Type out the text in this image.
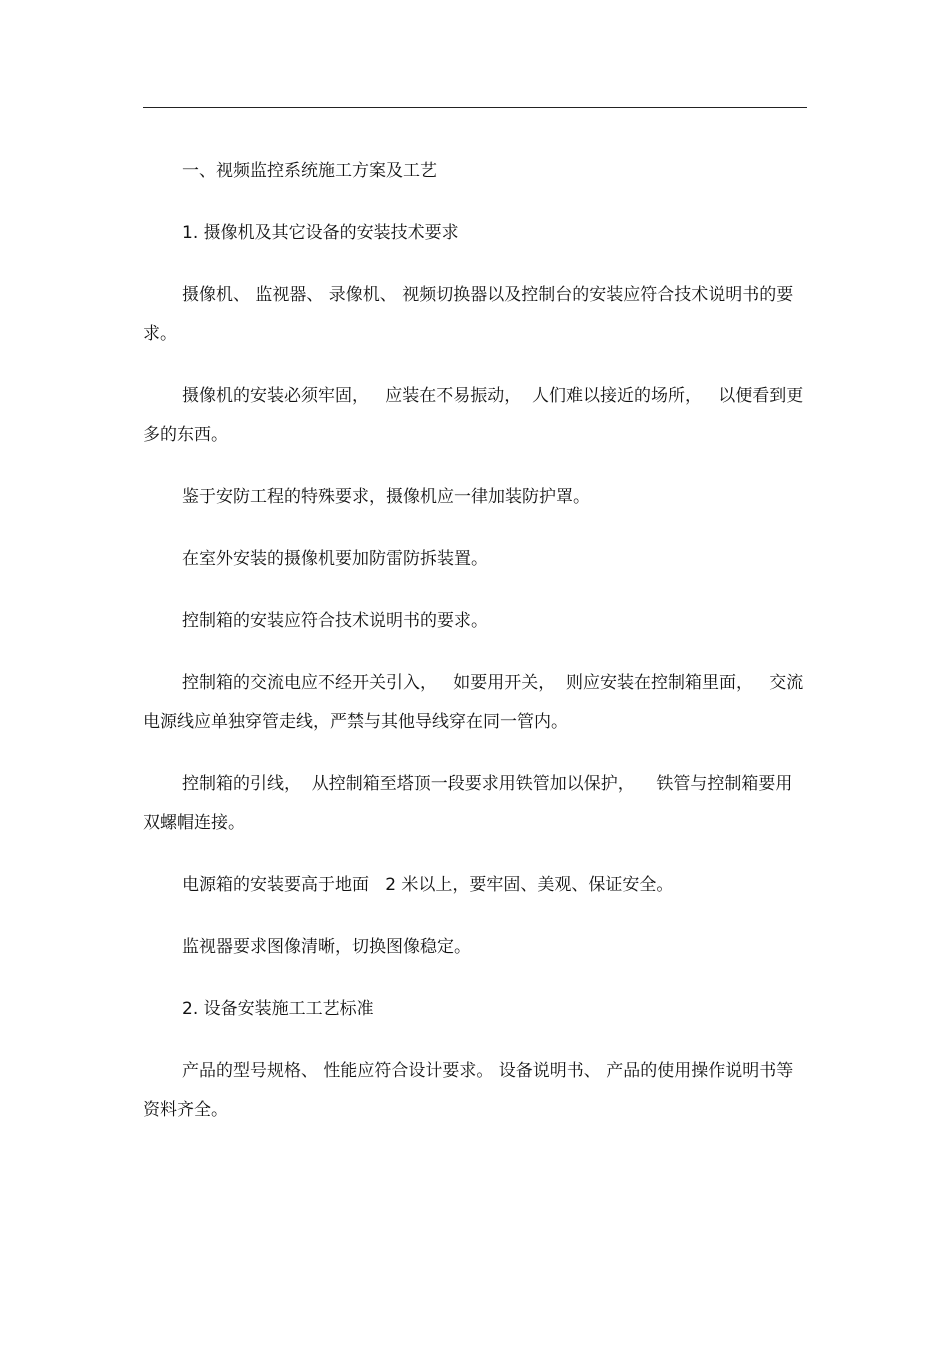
一、视频监控系统施工方案及工艺

1. 摄像机及其它设备的安装技术要求

摄像机、 监视器、 录像机、 视频切换器以及控制台的安装应符合技术说明书的要求。

摄像机的安装必须牢固，   应装在不易振动，  人们难以接近的场所，   以便看到更多的东西。

鉴于安防工程的特殊要求，摄像机应一律加装防护罩。

在室外安装的摄像机要加防雷防拆装置。

控制箱的安装应符合技术说明书的要求。

控制箱的交流电应不经开关引入，   如要用开关，  则应安装在控制箱里面，   交流电源线应单独穿管走线，严禁与其他导线穿在同一管内。

控制箱的引线，  从控制箱至塔顶一段要求用铁管加以保护，    铁管与控制箱要用双螺帽连接。

电源箱的安装要高于地面   2 米以上，要牢固、美观、保证安全。

监视器要求图像清晰，切换图像稳定。

2. 设备安装施工工艺标准

产品的型号规格、 性能应符合设计要求。 设备说明书、 产品的使用操作说明书等资料齐全。
